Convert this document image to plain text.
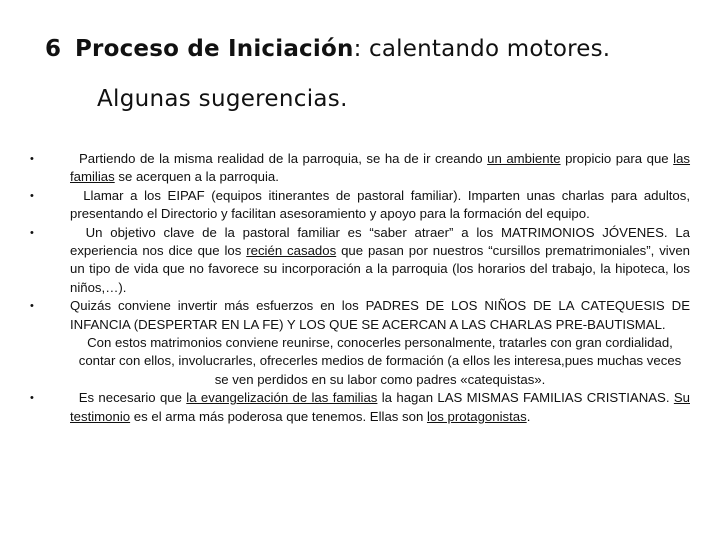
6 Proceso de Iniciación: calentando motores.
Algunas sugerencias.
•	Partiendo de la misma realidad de la parroquia, se ha de ir creando un ambiente propicio para que las familias se acerquen a la parroquia.
•	Llamar a los EIPAF (equipos itinerantes de pastoral familiar). Imparten unas charlas para adultos, presentando el Directorio y facilitan asesoramiento y apoyo para la formación del equipo.
•	Un objetivo clave de la pastoral familiar es “saber atraer” a los MATRIMONIOS JÓVENES. La experiencia nos dice que los recién casados que pasan por nuestros “cursillos prematrimoniales”, viven un tipo de vida que no favorece su incorporación a la parroquia (los horarios del trabajo, la hipoteca, los niños,…).
•	Quizás conviene invertir más esfuerzos en los PADRES DE LOS NIÑOS DE LA CATEQUESIS DE INFANCIA (DESPERTAR EN LA FE) Y LOS QUE SE ACERCAN A LAS CHARLAS PRE-BAUTISMAL.
Con estos matrimonios conviene reunirse, conocerles personalmente, tratarles con gran cordialidad, contar con ellos, involucrarles, ofrecerles medios de formación (a ellos les interesa,pues muchas veces se ven perdidos en su labor como padres «catequistas».
•	Es necesario que la evangelización de las familias la hagan LAS MISMAS FAMILIAS CRISTIANAS. Su testimonio es el arma más poderosa que tenemos. Ellas son los protagonistas.
